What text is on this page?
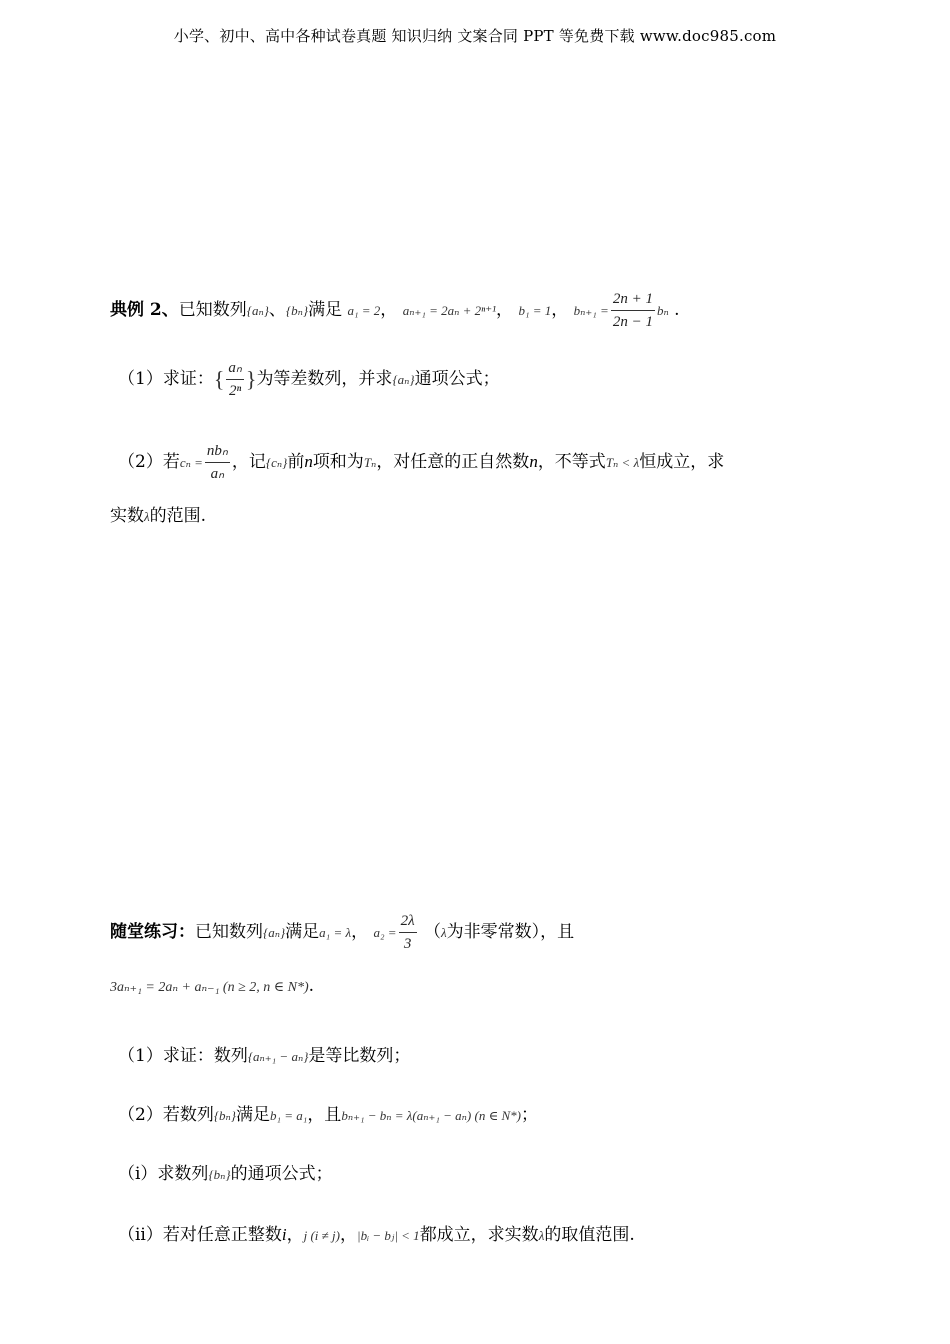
小学、初中、高中各种试卷真题 知识归纳 文案合同 PPT 等免费下载 www.doc985.com
典例 2、已知数列{aₙ}、{bₙ}满足 a₁ = 2， aₙ₊₁ = 2aₙ + 2ⁿ⁺¹， b₁ = 1， $b_{n+1} = \frac{2n + 1}{2n - 1}$ bₙ .
（1）求证：{ $\frac{\text{aₙ}}{\text{2ⁿ}}$ }为等差数列，并求{aₙ}通项公式；
（2）若$c_n = \frac{\text{nbₙ}}{\text{aₙ}}$ ，记{cₙ}前n项和为Tₙ，对任意的正自然数n，不等式Tₙ < λ恒成立，求
实数λ的范围.
随堂练习：已知数列{aₙ}满足a₁ = λ， $a_2 = \frac{2\lambda}{3} (\lambda$为非零常数），且
3aₙ₊₁ = 2aₙ + aₙ₋₁ (n ≥ 2, n ∈ N*).
（1）求证：数列{aₙ₊₁ − aₙ}是等比数列；
（2）若数列{bₙ}满足b₁ = a₁，且bₙ₊₁ − bₙ = λ(aₙ₊₁ − aₙ) (n ∈ N*)；
（i）求数列{bₙ}的通项公式；
（ii）若对任意正整数i，j (i ≠ j)，|bᵢ − bⱼ| < 1都成立，求实数λ的取值范围.
